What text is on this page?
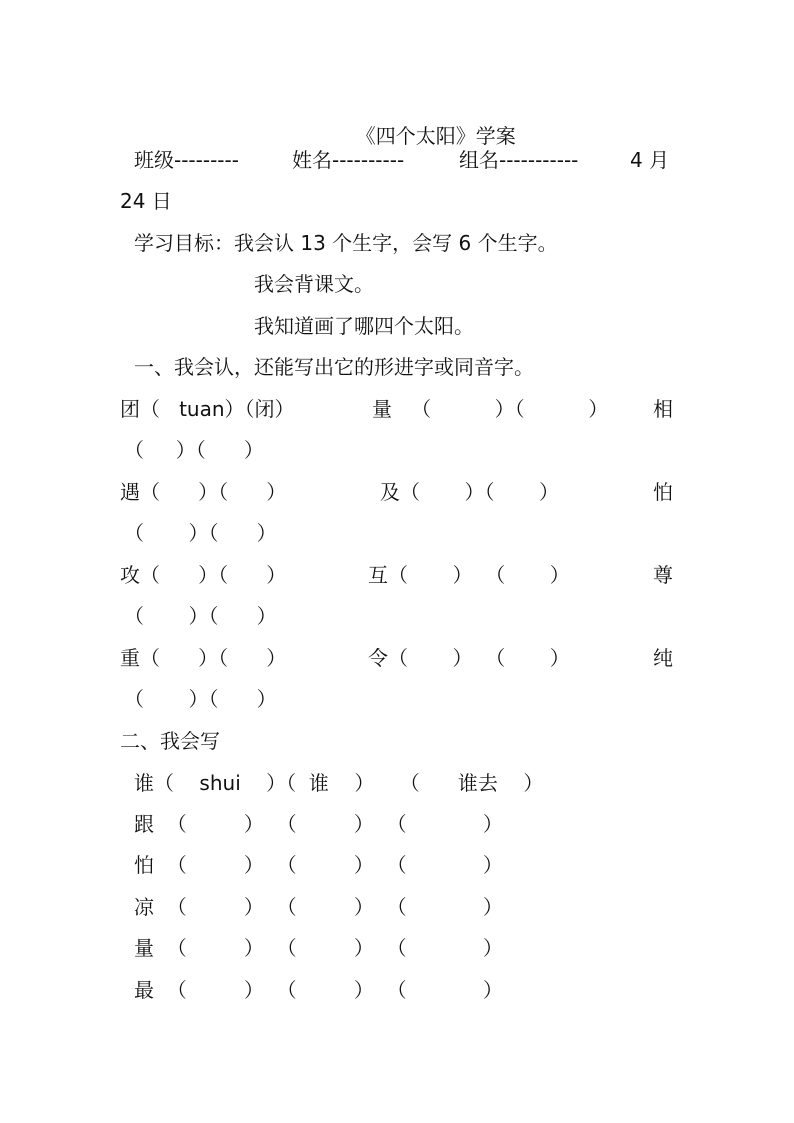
《四个太阳》学案

班级---------	姓名----------	组名-----------	4 月
24 日
学习目标：我会认 13 个生字，会写 6 个生字。
我会背课文。
我知道画了哪四个太阳。
一、我会认，还能写出它的形进字或同音字。
团（   tuan）（闭）	量   （          ）（          ） 相
（     ）（      ）
遇（      ）（      ）	及（       ）（       ）	怕
（       ）（      ）
攻（      ）（      ）	互（       ）  （       ）	尊
（       ）（      ）
重（      ）（      ）	令（       ）  （       ）	纯
（       ）（      ）
二、我会写
谁（    shui    ）（  谁    ）    （      谁去    ）
跟  （         ）  （         ）  （            ）
怕  （         ）  （         ）  （            ）
凉  （         ）  （         ）  （            ）
量  （         ）  （         ）  （            ）
最  （         ）  （         ）  （            ）
